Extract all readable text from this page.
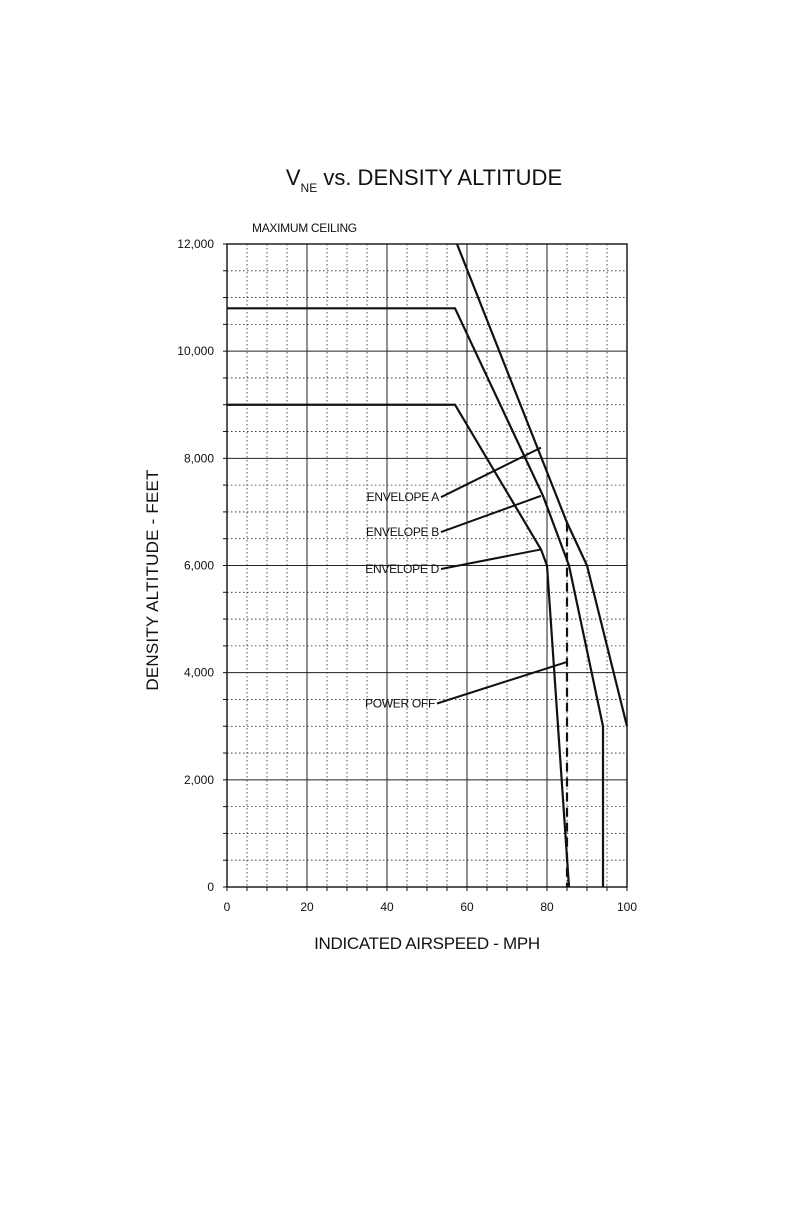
$V_{NE}$ vs. DENSITY ALTITUDE
MAXIMUM CEILING
0	20	40	60	80	100
0
2,000
4,000
6,000
8,000
10,000
12,000
ENVELOPE A
ENVELOPE B
ENVELOPE D
POWER OFF
INDICATED AIRSPEED - MPH
DENSITY ALTITUDE - FEET
